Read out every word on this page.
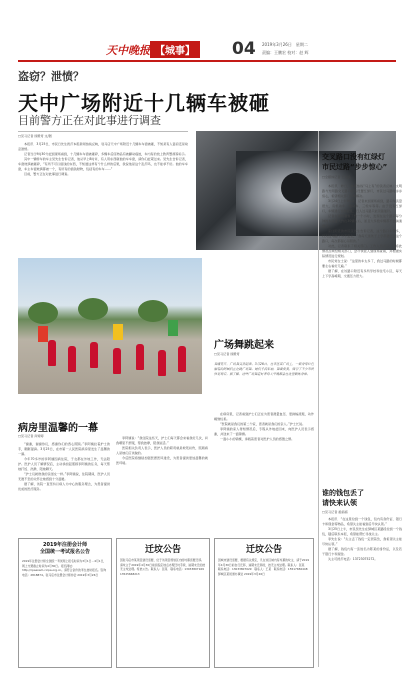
天中晚报 【城事】 04 2019年3月26日　星期二
责编：王鹏宏 校对：赵 辉
盗窃？泄愤？
天中广场附近十几辆车被砸
目前警方正在对此事进行调查
□见习记者 徐殿奇 文/图

本报讯　3月25日，市民日先生拨打本报新闻热线反映，驻马店天中广场附近十几辆车车窗被砸，不知是有人盗窃还是故意泄愤。

记者当日9时30分赶到现场看到，十几辆车车窗被砸碎，多辆车后座物品有被翻动痕迹，车内有的放上教育警视等标示。

其中一辆轿车的车主吴先生告诉记者，他从早上8时许，有人用东西砸他的车车窗，请你们赶紧过来。吴先生告诉记者，车窗玻璃被砸碎，“有所不可以值钱的东西，不知道这样有个什么样的后果，我说他是这个乱打吗，也不能拿不好。他的车车窗，车主车窗玻璃都被一个，有所有的值钱财物，包括有的车车……”

目前，警方正在对此事进行调查。

交叉路口没有红绿灯
市民过路“步步惊心”
□全媒体记者 王永良

本报讯　昨日，本报热线“马上有”的读者反映：文明路与光明路交叉路口没有设置红绿灯，市民过马路时步步惊心，希望相关部门尽快解决。

3月24日上午9时许，记者来到现场看到，路口车流量很大，有机动车、电动车、三轮车等等。由于没有红绿灯，车辆通行比较混乱，行人过马路只能见缝插针。

记者在现场观察了约一个小时，发现在这个路口每分钟的车流量大约在30辆左右，而且大多数车辆都不会减速慢行。

家住附近的市民张先生告诉记者，这个路口车辆多，行人过马路十分不安全，“我每天送孩子上学都要经过这个路口，每次都提心吊胆的。”

对此，记者联系了相关部门。工作人员表示，已将此情况反映给相关部门，会尽快派人到现场查看，并根据实际情况进行规划。

市民刘女士说：“这里的车太多了，我过马路的时候都要左右看好几遍。”

据了解，在该路口附近有多所学校和住宅小区，每天上下学高峰期，交通压力很大。

广场舞跳起来
□见习记者 徐殿奇
春暖花开，广场舞又热起来。3月26日，在市区某广场上，一群身穿红色服装的阿姨们正在跳广场舞。她们手持彩扇，舞姿优美，吸引了不少市民驻足观看。据了解，这些广场舞爱好者每天早晚都会在这里锻炼身体。
谁的钱包丢了
请快来认领
□见习记者 祖娟娟

本报讯　“在这里捡到一个钱包，包内有身份证、银行卡和现金等物品，希望失主能看到后尽快认领。”

3月25日上午，市民吴先生在驿城区某路段捡到一个钱包，随后联系本报，希望能帮忙寻找失主。

李先生说：“失主丢了钱包一定很着急，我希望失主能尽快认领。”

据了解，钱包内有一张姓名为陈某的身份证，以及若干银行卡和现金。

失主可拨打电话：13723075272。

病房里温馨的一幕
□见习记者 肖婷婷

“谢谢，谢谢你们，感谢你们的悉心照顾。”李阿姨拉着护士的手，眼眶湿润。3月25日，在市第一人民医院病房里发生了温馨的一幕。

今年70多岁的李阿姨因病住院，子女都在外地工作，无法陪护。医护人员了解情况后，主动承担起照顾李阿姨的任务，每天帮她打饭、洗漱、陪她聊天。

“护士们就像我的亲闺女一样。”李阿姨说，住院期间，医护人员无微不至的关怀让她感到十分温暖。

据了解，该院一直坚持以病人为中心的服务理念，为患者提供优质的医疗服务。

李阿姨说：“我住院这些天，护士们每天都会来看我好几次，问我哪里不舒服，帮我按摩，陪我说话。”

医院相关负责人表示，医护人员的职责就是救死扶伤，照顾病人是她们应该做的。

今后医院将继续加强医德医风建设，为患者提供更加温馨的就医环境。

在病房里，记者看到护士们正在为患者测量血压、更换输液瓶，动作娴熟轻柔。

“医院就是我们的第二个家，患者就是我们的亲人。”护士长说。

李阿姨的家人得知情况后，专程从外地赶回来，向医护人员表示感谢，并送来了一面锦旗。

一面小小的锦旗，承载着患者对医护人员的感激之情。

2019年注册会计师
全国统一考试报名公告
2019年注册会计师全国统一考试网上报名时间为3月1日－4月1日，网上交费截止时间为4月30日。报名网址：http://cpaexam.cicpa.org.cn。请符合条件的考生按时报名。咨询电话：2818874。驻马店市注册会计师协会 2019年3月26日
迁坟公告
因驻马店市某项目建设需要，位于该项目规划区内的坟墓需要迁移。请坟主于2019年4月30日前到指定地点办理迁坟手续，逾期未迁的按无主坟处理。特此公告。联系人：张某　联系电话：13033807169　13525668213
迁坟公告
因城市建设需要，根据有关规定，凡在该区域内有坟墓的坟主，请于2019年4月30日前自行迁移，逾期未迁移的，按无主坟处理。联系人：张某　联系电话：13033807029　联系人：王某　联系电话：15517656448　驿城区某街道办事处 2019年3月26日
